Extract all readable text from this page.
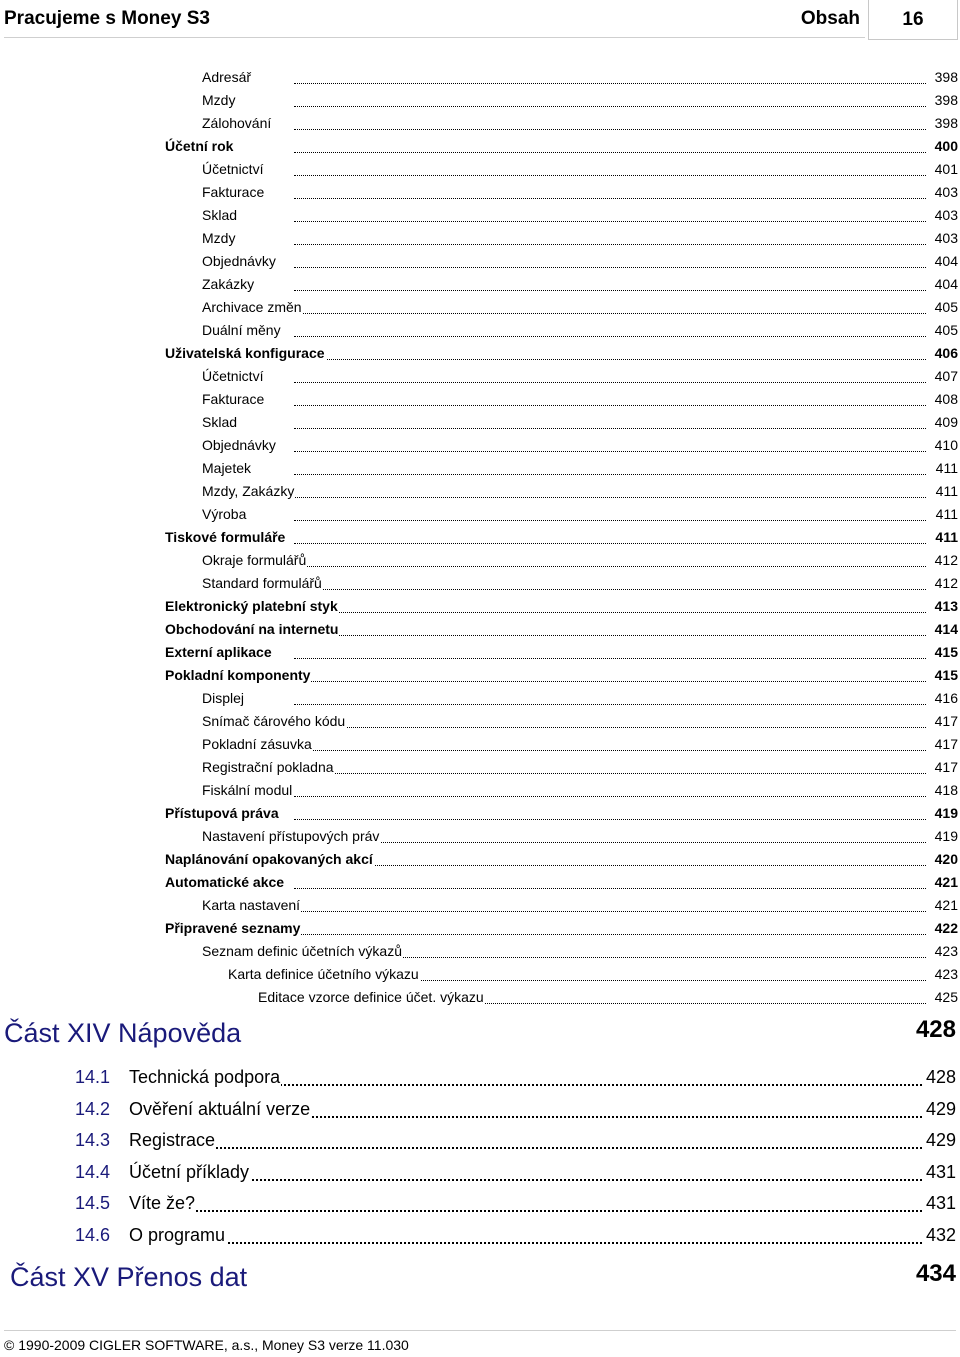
Pracujeme s Money S3	Obsah	16
Adresář	398
Mzdy	398
Zálohování	398
Účetní rok	400
Účetnictví	401
Fakturace	403
Sklad	403
Mzdy	403
Objednávky	404
Zakázky	404
Archivace změn	405
Duální měny	405
Uživatelská konfigurace	406
Účetnictví	407
Fakturace	408
Sklad	409
Objednávky	410
Majetek	411
Mzdy, Zakázky	411
Výroba	411
Tiskové formuláře	411
Okraje formulářů	412
Standard formulářů	412
Elektronický platební styk	413
Obchodování na internetu	414
Externí aplikace	415
Pokladní komponenty	415
Displej	416
Snímač čárového kódu	417
Pokladní zásuvka	417
Registrační pokladna	417
Fiskální modul	418
Přístupová práva	419
Nastavení přístupových práv	419
Naplánování opakovaných akcí	420
Automatické akce	421
Karta nastavení	421
Připravené seznamy	422
Seznam definic účetních výkazů	423
Karta definice účetního výkazu	423
Editace vzorce definice účet. výkazu	425
Část XIV Nápověda	428
14.1 Technická podpora	428
14.2 Ověření aktuální verze	429
14.3 Registrace	429
14.4 Účetní příklady	431
14.5 Víte že?	431
14.6 O programu	432
Část XV Přenos dat	434
© 1990-2009 CIGLER SOFTWARE, a.s., Money S3 verze 11.030
